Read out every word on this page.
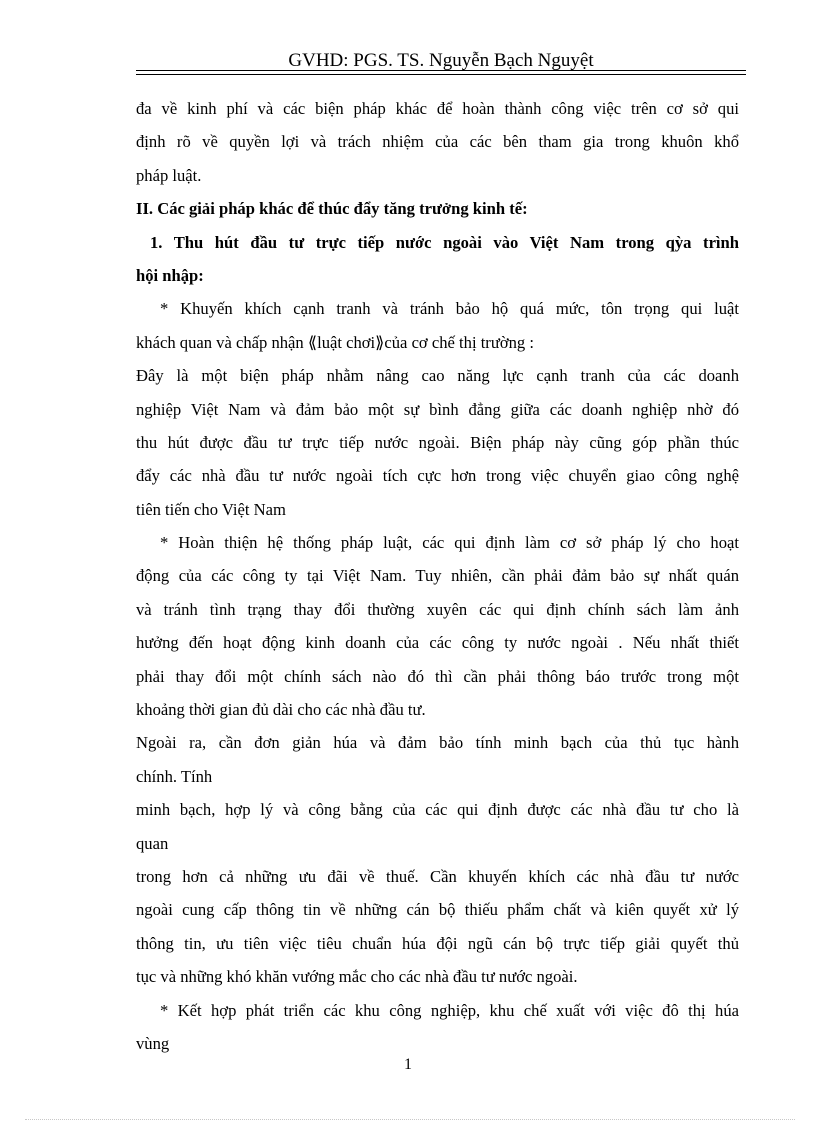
GVHD: PGS. TS. Nguyễn Bạch Nguyệt
đa về kinh phí và các biện pháp khác để hoàn thành công việc trên cơ sở qui
định rõ về quyền lợi và trách nhiệm của các bên tham gia trong khuôn khổ
pháp luật.
II. Các giải pháp khác để thúc đẩy tăng trưởng kinh tế:
1. Thu hút đầu tư trực tiếp nước ngoài vào Việt Nam trong qỳa trình
hội nhập:
* Khuyến khích cạnh tranh và tránh bảo hộ quá mức, tôn trọng qui luật
khách quan và chấp nhận ⟪luật chơi⟫của cơ chế thị trường :
Đây là một biện pháp nhằm nâng cao năng lực cạnh tranh của các doanh
nghiệp Việt Nam và đảm bảo một sự bình đẳng giữa các doanh nghiệp nhờ đó
thu hút được đầu tư trực tiếp nước ngoài. Biện pháp này cũng góp phần thúc
đẩy các nhà đầu tư nước ngoài tích cực hơn trong việc chuyển giao công nghệ
tiên tiến cho Việt Nam
* Hoàn thiện hệ thống pháp luật, các qui định làm cơ sở pháp lý cho hoạt
động của các công ty tại Việt Nam. Tuy nhiên, cần phải đảm bảo sự nhất quán
và tránh tình trạng thay đổi thường xuyên các qui định chính sách làm ảnh
hưởng đến hoạt động kinh doanh của các công ty nước ngoài . Nếu nhất thiết
phải thay đổi một chính sách nào đó thì cần phải thông báo trước trong một
khoảng thời gian đủ dài cho các nhà đầu tư.
Ngoài ra, cần đơn giản húa và đảm bảo tính minh bạch của thủ tục hành
chính. Tính
minh bạch, hợp lý và công bằng của các qui định được các nhà đầu tư cho là
quan
trong hơn cả những ưu đãi về thuế. Cần khuyến khích các nhà đầu tư nước
ngoài cung cấp thông tin về những cán bộ thiếu phẩm chất và kiên quyết xử lý
thông tin, ưu tiên việc tiêu chuẩn húa đội ngũ cán bộ trực tiếp giải quyết thủ
tục và những khó khăn vướng mắc cho các nhà đầu tư nước ngoài.
* Kết hợp phát triển các khu công nghiệp, khu chế xuất với việc đô thị húa
vùng
1
